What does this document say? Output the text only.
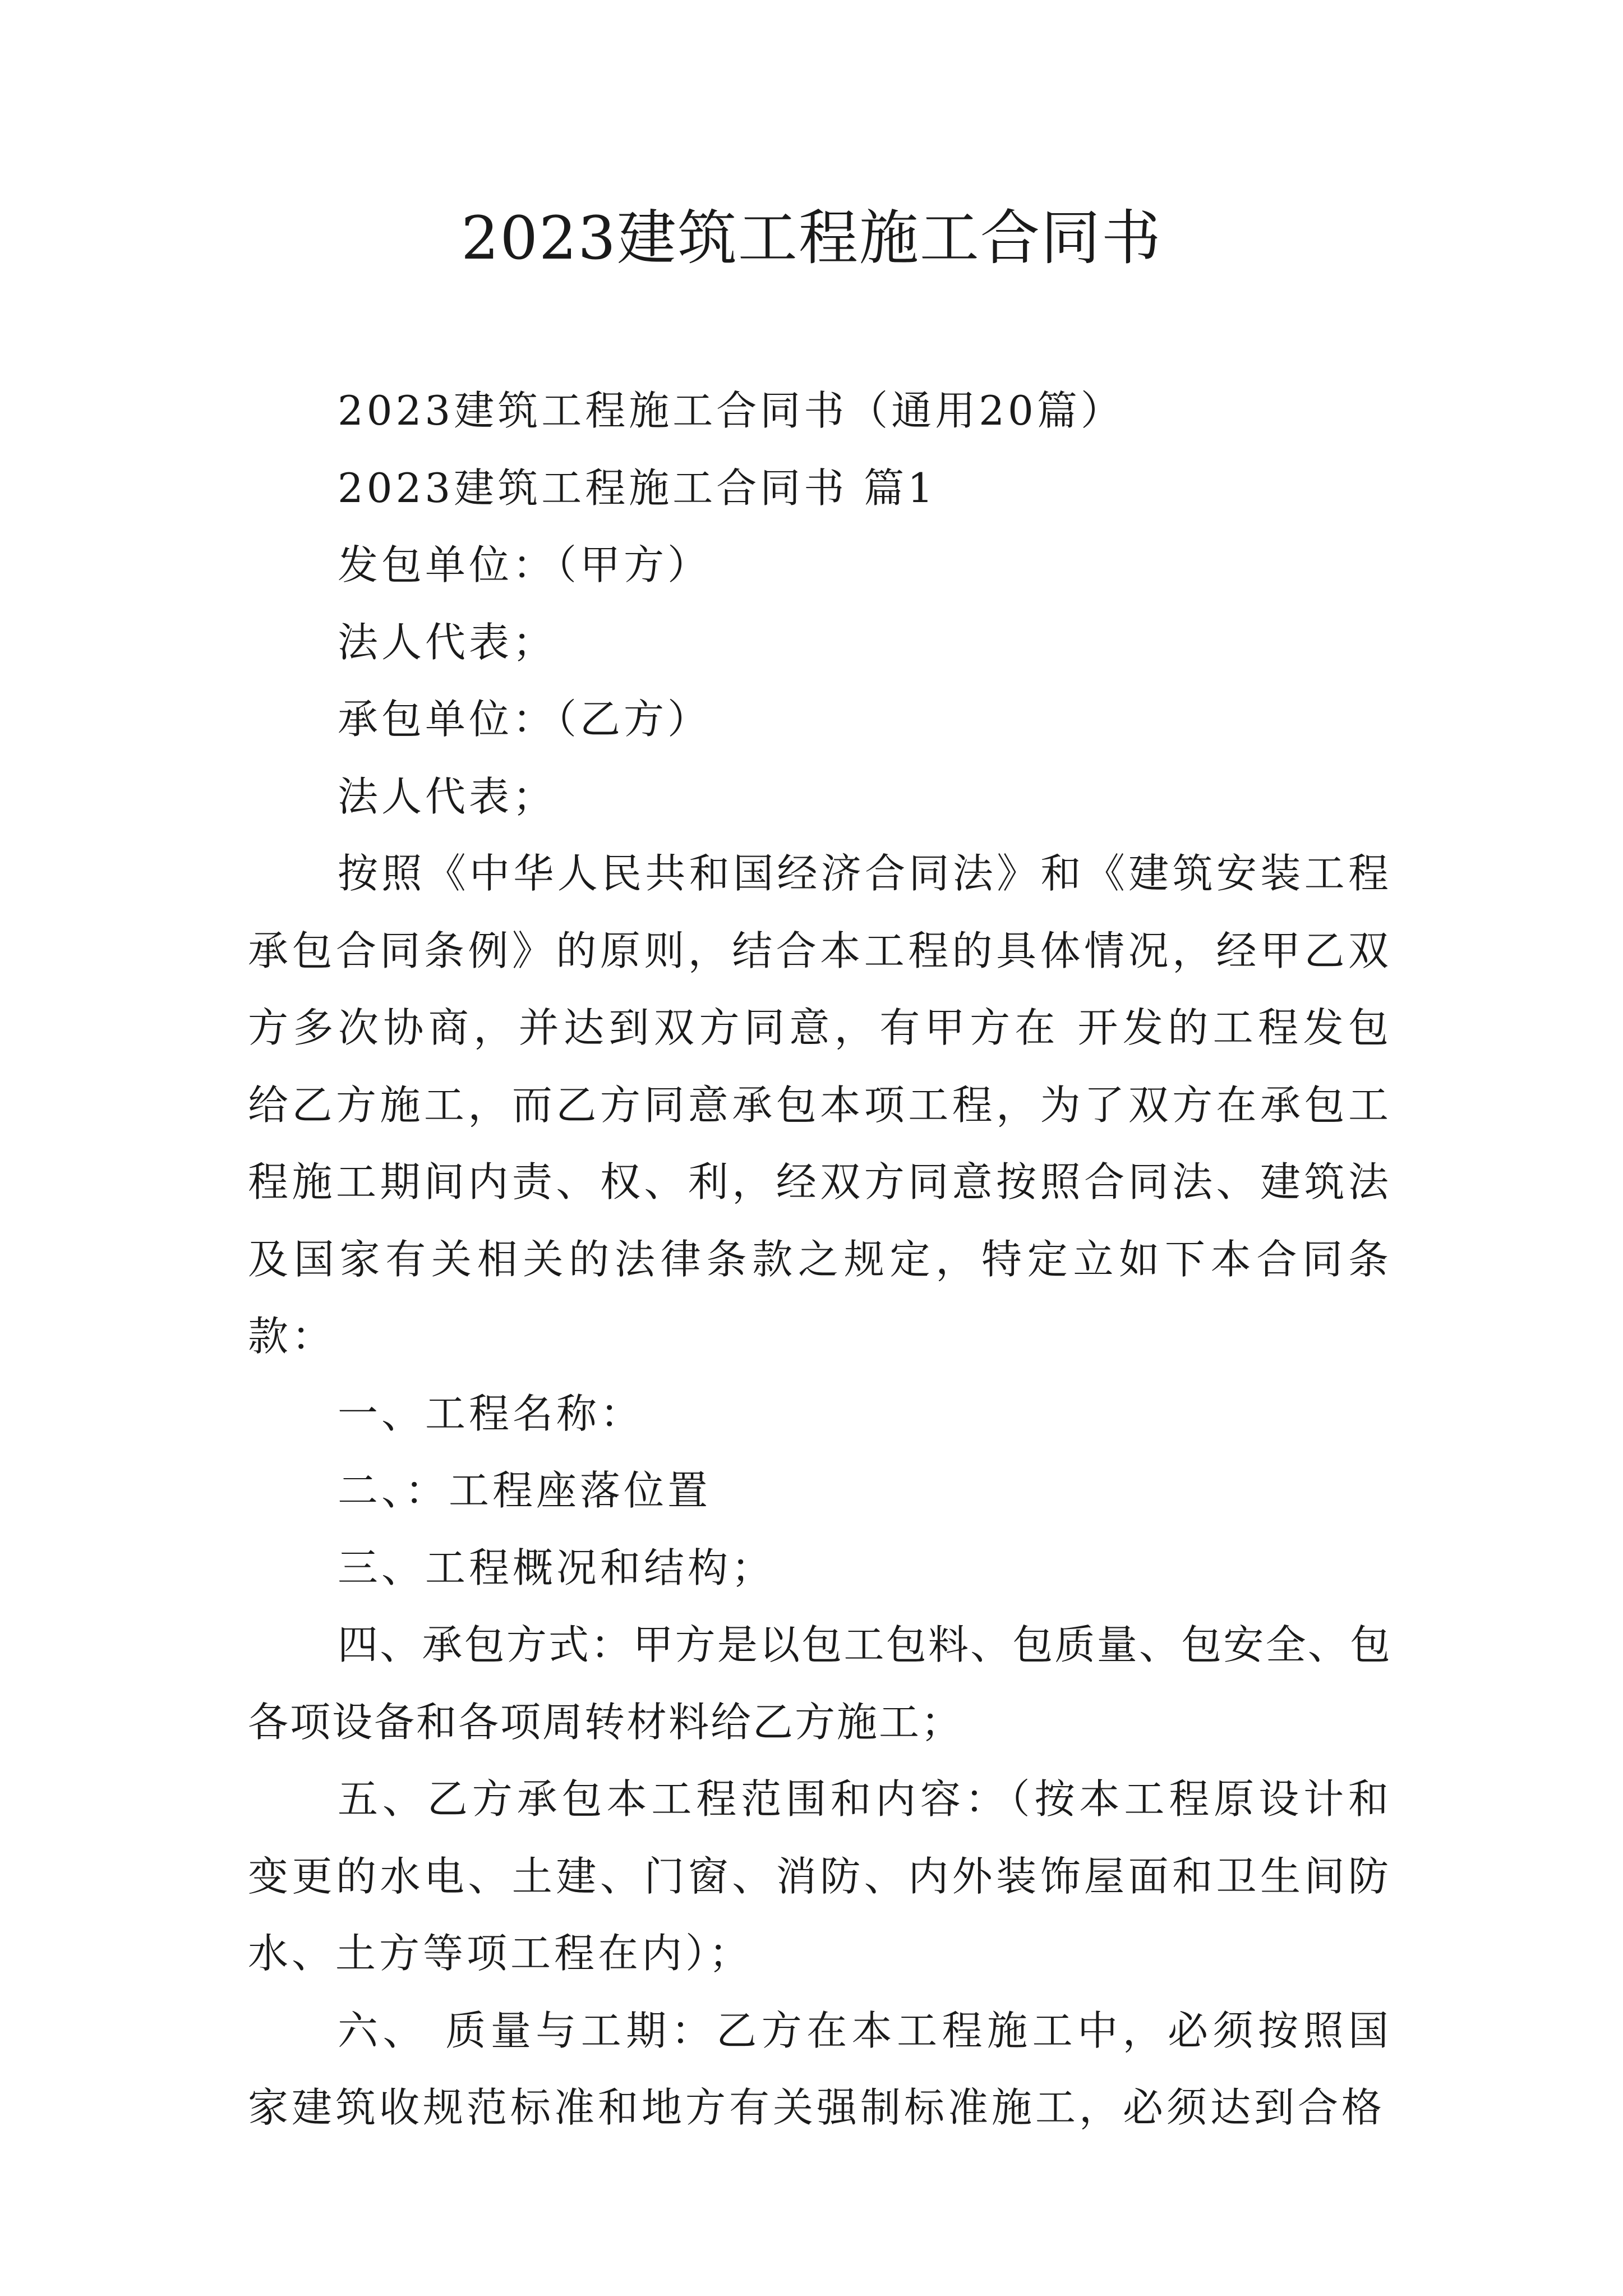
2023建筑工程施工合同书

2023建筑工程施工合同书（通用20篇）

2023建筑工程施工合同书 篇1

发包单位：（甲方）

法人代表；

承包单位：（乙方）

法人代表；

按照《中华人民共和国经济合同法》和《建筑安装工程承包合同条例》的原则，结合本工程的具体情况，经甲乙双方多次协商，并达到双方同意，有甲方在 开发的工程发包给乙方施工，而乙方同意承包本项工程，为了双方在承包工程施工期间内责、权、利，经双方同意按照合同法、建筑法及国家有关相关的法律条款之规定，特定立如下本合同条款：

一、工程名称：

二、：工程座落位置

三、工程概况和结构；

四、承包方式：甲方是以包工包料、包质量、包安全、包各项设备和各项周转材料给乙方施工；

五、乙方承包本工程范围和内容：（按本工程原设计和变更的水电、土建、门窗、消防、内外装饰屋面和卫生间防水、土方等项工程在内）；

六、 质量与工期：乙方在本工程施工中，必须按照国家建筑收规范标准和地方有关强制标准施工，必须达到合格
